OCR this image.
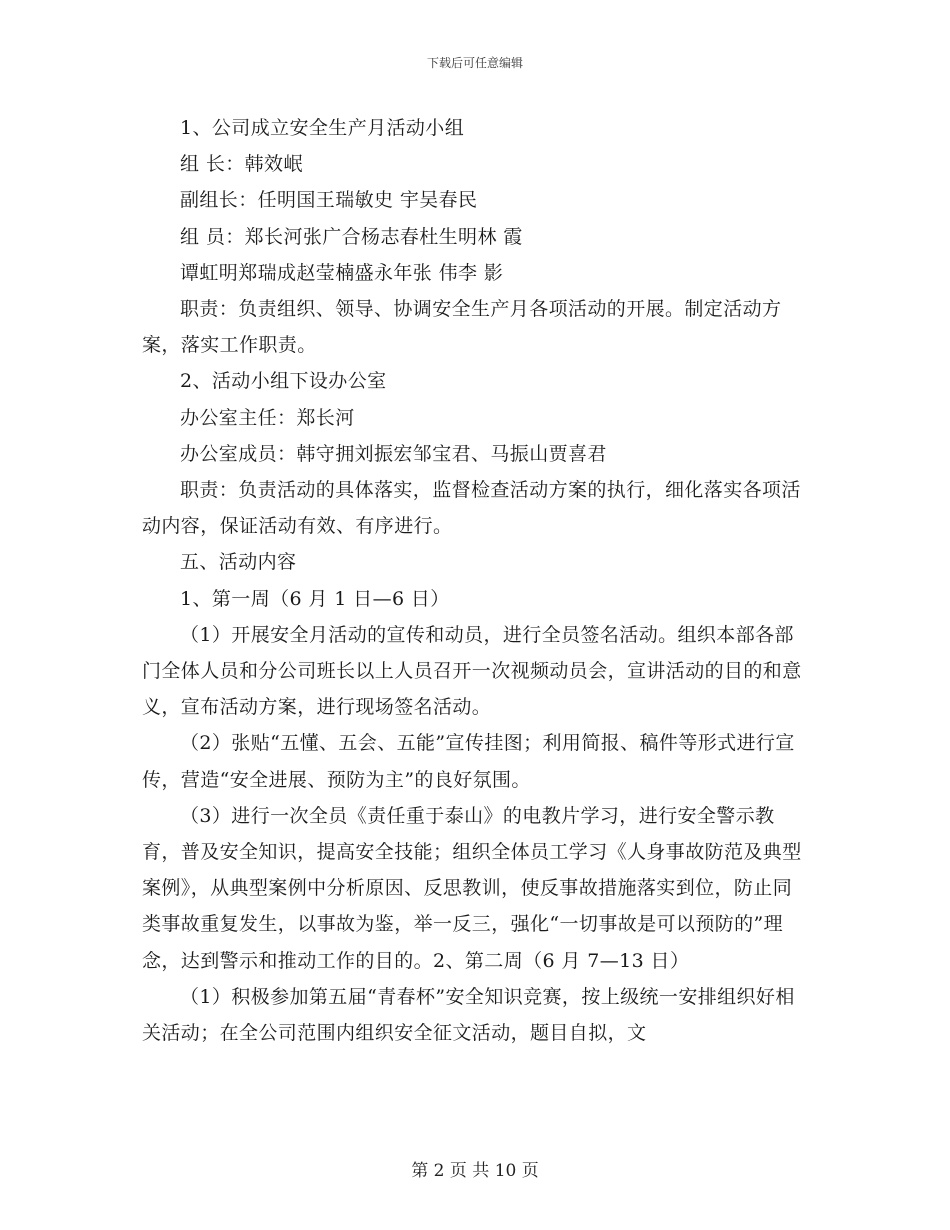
下载后可任意编辑

1、公司成立安全生产月活动小组

组 长：韩效岷

副组长：任明国王瑞敏史 宇吴春民

组 员：郑长河张广合杨志春杜生明林 霞

谭虹明郑瑞成赵莹楠盛永年张 伟李 影

职责：负责组织、领导、协调安全生产月各项活动的开展。制定活动方案，落实工作职责。

2、活动小组下设办公室

办公室主任：郑长河

办公室成员：韩守拥刘振宏邹宝君、马振山贾喜君

职责：负责活动的具体落实，监督检查活动方案的执行，细化落实各项活动内容，保证活动有效、有序进行。

五、活动内容

1、第一周（6 月 1 日—6 日）

（1）开展安全月活动的宣传和动员，进行全员签名活动。组织本部各部门全体人员和分公司班长以上人员召开一次视频动员会，宣讲活动的目的和意义，宣布活动方案，进行现场签名活动。

（2）张贴“五懂、五会、五能”宣传挂图；利用简报、稿件等形式进行宣传，营造“安全进展、预防为主”的良好氛围。

（3）进行一次全员《责任重于泰山》的电教片学习，进行安全警示教育，普及安全知识，提高安全技能；组织全体员工学习《人身事故防范及典型案例》，从典型案例中分析原因、反思教训，使反事故措施落实到位，防止同类事故重复发生，以事故为鉴，举一反三，强化“一切事故是可以预防的”理念，达到警示和推动工作的目的。2、第二周（6 月 7—13 日）

（1）积极参加第五届“青春杯”安全知识竞赛，按上级统一安排组织好相关活动；在全公司范围内组织安全征文活动，题目自拟，文

第 2 页 共 10 页
